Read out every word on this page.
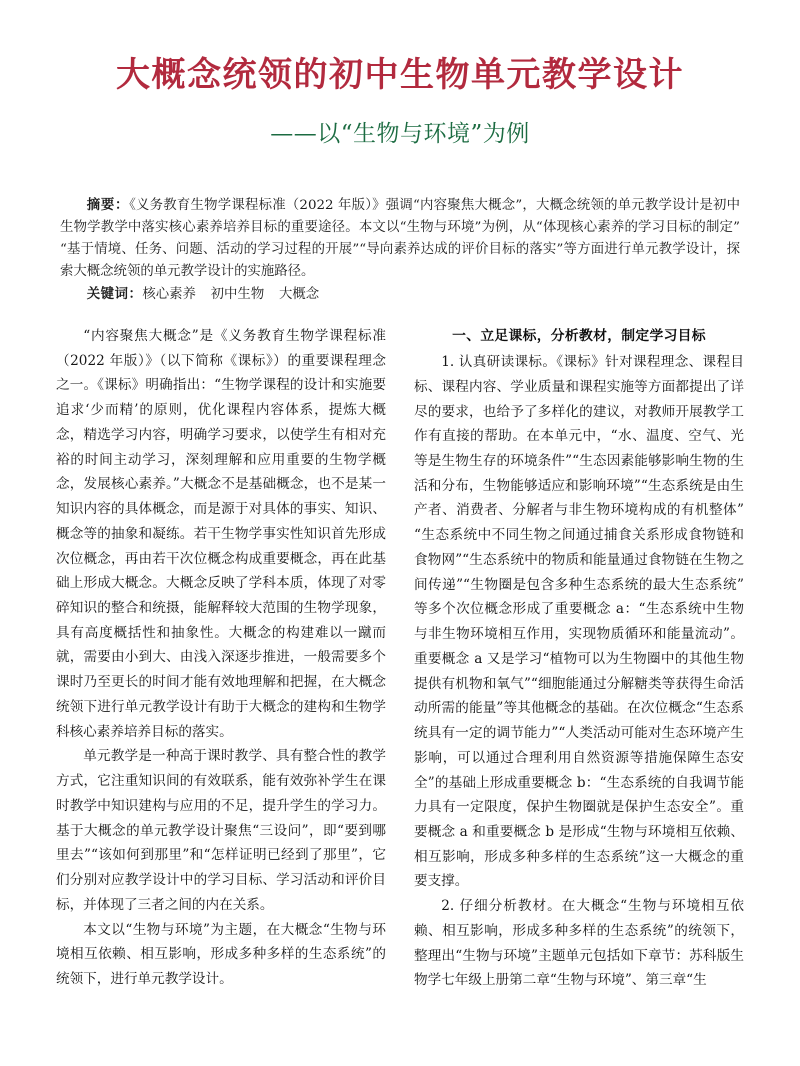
大概念统领的初中生物单元教学设计
——以“生物与环境”为例

摘要：《义务教育生物学课程标准（2022 年版）》强调“内容聚焦大概念”，大概念统领的单元教学设计是初中生物学教学中落实核心素养培养目标的重要途径。本文以“生物与环境”为例，从“体现核心素养的学习目标的制定”“基于情境、任务、问题、活动的学习过程的开展”“导向素养达成的评价目标的落实”等方面进行单元教学设计，探索大概念统领的单元教学设计的实施路径。

关键词：核心素养 初中生物 大概念

“内容聚焦大概念”是《义务教育生物学课程标准（2022 年版）》（以下简称《课标》）的重要课程理念之一。《课标》明确指出：“生物学课程的设计和实施要追求‘少而精’的原则，优化课程内容体系，提炼大概念，精选学习内容，明确学习要求，以使学生有相对充裕的时间主动学习，深刻理解和应用重要的生物学概念，发展核心素养。”大概念不是基础概念，也不是某一知识内容的具体概念，而是源于对具体的事实、知识、概念等的抽象和凝练。若干生物学事实性知识首先形成次位概念，再由若干次位概念构成重要概念，再在此基础上形成大概念。大概念反映了学科本质，体现了对零碎知识的整合和统摄，能解释较大范围的生物学现象，具有高度概括性和抽象性。大概念的构建难以一蹴而就，需要由小到大、由浅入深逐步推进，一般需要多个课时乃至更长的时间才能有效地理解和把握，在大概念统领下进行单元教学设计有助于大概念的建构和生物学科核心素养培养目标的落实。

单元教学是一种高于课时教学、具有整合性的教学方式，它注重知识间的有效联系，能有效弥补学生在课时教学中知识建构与应用的不足，提升学生的学习力。基于大概念的单元教学设计聚焦“三设问”，即“要到哪里去”“该如何到那里”和“怎样证明已经到了那里”，它们分别对应教学设计中的学习目标、学习活动和评价目标，并体现了三者之间的内在关系。

本文以“生物与环境”为主题，在大概念“生物与环境相互依赖、相互影响，形成多种多样的生态系统”的统领下，进行单元教学设计。

一、立足课标，分析教材，制定学习目标

1. 认真研读课标。《课标》针对课程理念、课程目标、课程内容、学业质量和课程实施等方面都提出了详尽的要求，也给予了多样化的建议，对教师开展教学工作有直接的帮助。在本单元中，“水、温度、空气、光等是生物生存的环境条件”“生态因素能够影响生物的生活和分布，生物能够适应和影响环境”“生态系统是由生产者、消费者、分解者与非生物环境构成的有机整体”“生态系统中不同生物之间通过捕食关系形成食物链和食物网”“生态系统中的物质和能量通过食物链在生物之间传递”“生物圈是包含多种生态系统的最大生态系统”等多个次位概念形成了重要概念 a：“生态系统中生物与非生物环境相互作用，实现物质循环和能量流动”。重要概念 a 又是学习“植物可以为生物圈中的其他生物提供有机物和氧气”“细胞能通过分解糖类等获得生命活动所需的能量”等其他概念的基础。在次位概念“生态系统具有一定的调节能力”“人类活动可能对生态环境产生影响，可以通过合理利用自然资源等措施保障生态安全”的基础上形成重要概念 b：“生态系统的自我调节能力具有一定限度，保护生物圈就是保护生态安全”。重要概念 a 和重要概念 b 是形成“生物与环境相互依赖、相互影响，形成多种多样的生态系统”这一大概念的重要支撑。

2. 仔细分析教材。在大概念“生物与环境相互依赖、相互影响，形成多种多样的生态系统”的统领下，整理出“生物与环境”主题单元包括如下章节：苏科版生物学七年级上册第二章“生物与环境”、第三章“生
